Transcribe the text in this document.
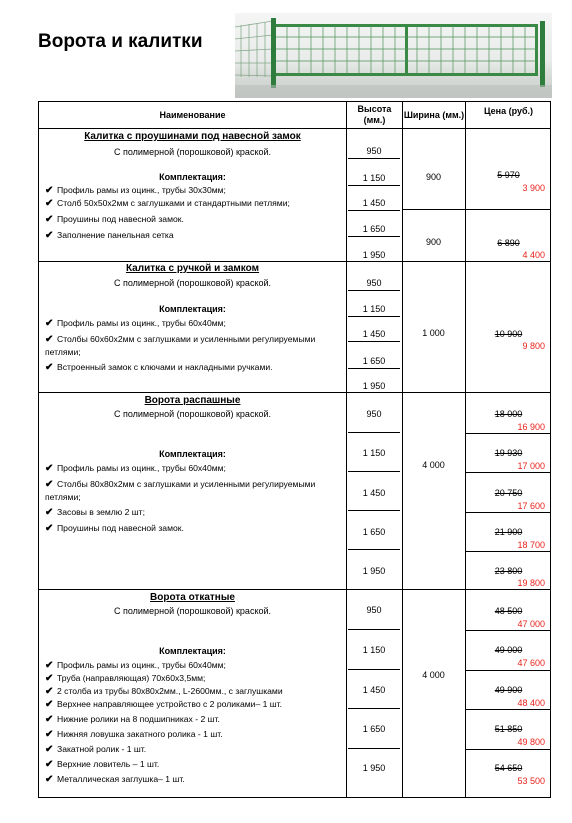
Ворота и калитки
Наименование
Высота (мм.)
Ширина (мм.)	Цена (руб.)
Калитка с проушинами под навесной замок
С полимерной (порошковой) краской.
Комплектация:
✔ Профиль рамы из оцинк., трубы 30х30мм;
✔ Столб 50х50х2мм с заглушками и стандартными петлями;
✔ Проушины под навесной замок.
✔ Заполнение панельная сетка
950
1 150
1 450
1 650
1 950
900
900
5 970
3 900
6 890
4 400
Калитка с ручкой и замком
С полимерной (порошковой) краской.
Комплектация:
✔ Профиль рамы из оцинк., трубы 60х40мм;
✔ Столбы 60х60х2мм с заглушками и усиленными регулируемыми петлями;
✔ Встроенный замок с ключами и накладными ручками.
950
1 150
1 450
1 650
1 950
1 000	10 900
9 800
Ворота распашные
С полимерной (порошковой) краской.
Комплектация:
✔ Профиль рамы из оцинк., трубы 60х40мм;
✔ Столбы 80х80х2мм с заглушками и усиленными регулируемыми петлями;
✔ Засовы в землю 2 шт;
✔ Проушины под навесной замок.
950
1 150
1 450
1 650
1 950
4 000
18 000
16 900
19 930
17 000
20 750
17 600
21 900
18 700
23 800
19 800
Ворота откатные
С полимерной (порошковой) краской.
Комплектация:
✔ Профиль рамы из оцинк., трубы 60х40мм;
✔ Труба (направляющая) 70х60х3,5мм;
✔ 2 столба из трубы 80х80х2мм., L-2600мм., с заглушками
✔ Верхнее направляющее устройство с 2 роликами– 1 шт.
✔ Нижние ролики на 8 подшипниках - 2 шт.
✔ Нижняя ловушка закатного ролика - 1 шт.
✔ Закатной ролик - 1 шт.
✔ Верхние ловитель – 1 шт.
✔ Металлическая заглушка– 1 шт.
950
1 150
1 450
1 650
1 950
4 000
48 500
47 000
49 000
47 600
49 900
48 400
51 850
49 800
54 650
53 500
